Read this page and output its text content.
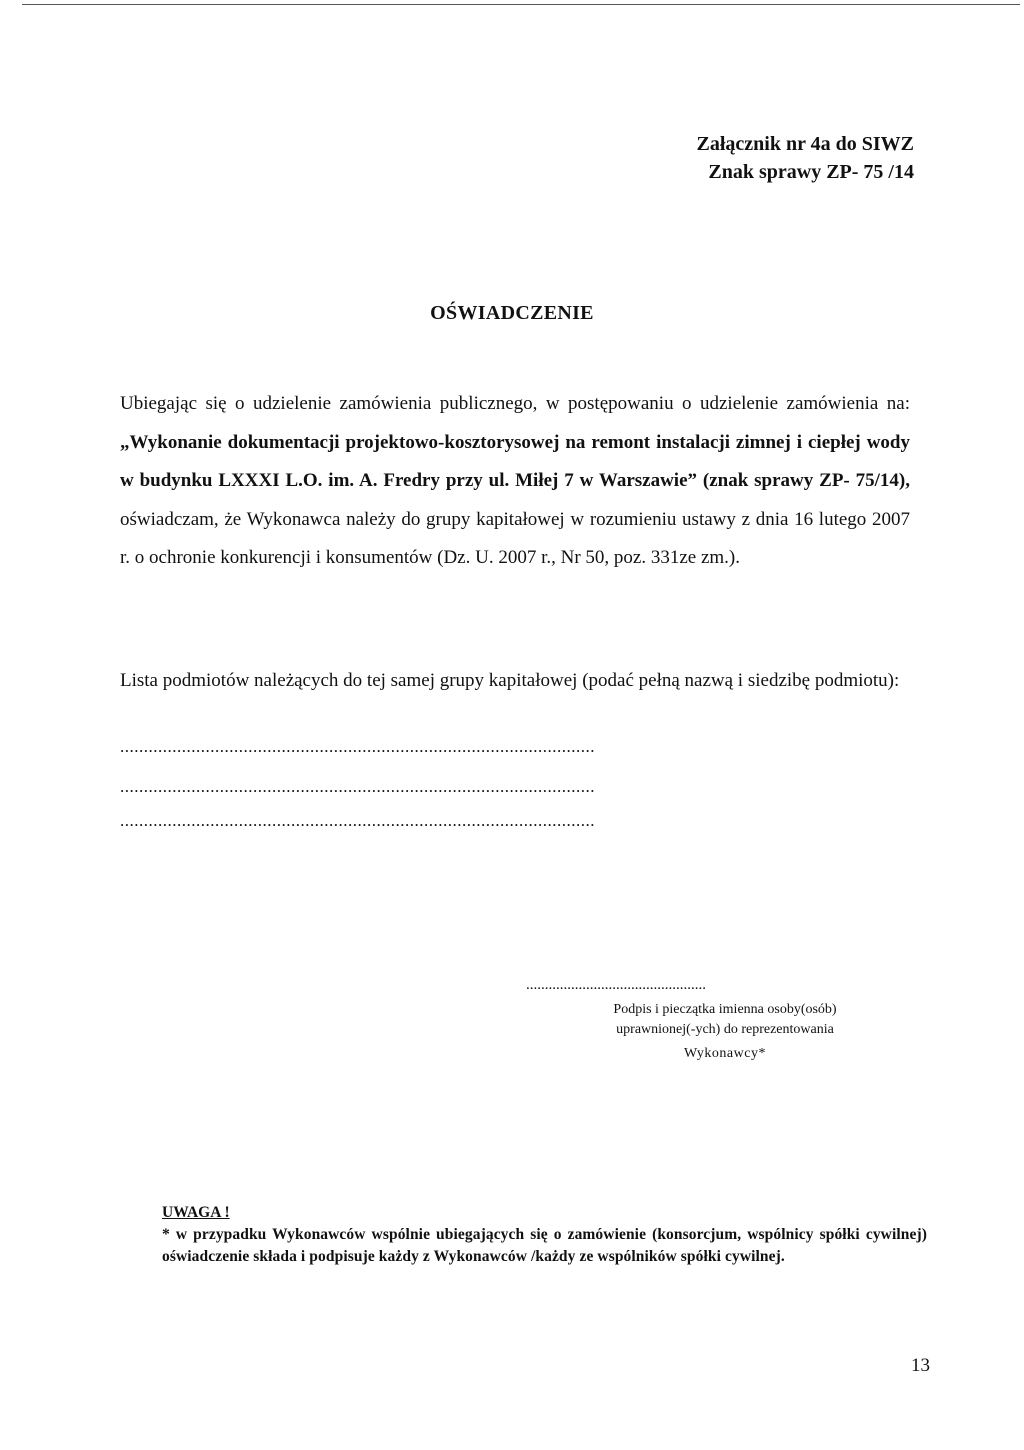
Załącznik nr 4a do SIWZ
Znak sprawy ZP- 75 /14
OŚWIADCZENIE
Ubiegając się o udzielenie zamówienia publicznego, w postępowaniu o udzielenie zamówienia na: „Wykonanie dokumentacji projektowo-kosztorysowej na remont instalacji zimnej i ciepłej wody w budynku LXXXI L.O. im. A. Fredry przy ul. Miłej 7 w Warszawie” (znak sprawy ZP- 75/14), oświadczam, że Wykonawca należy do grupy kapitałowej w rozumieniu ustawy z dnia 16 lutego 2007 r. o ochronie konkurencji i konsumentów (Dz. U. 2007 r., Nr 50, poz. 331ze zm.).
Lista podmiotów należących do tej samej grupy kapitałowej (podać pełną nazwą i siedzibę podmiotu):
....................................................................................................
....................................................................................................
....................................................................................................
................................................
Podpis i pieczątka imienna osoby(osób)
uprawnionej(-ych) do reprezentowania
Wykonawcy*
UWAGA !
* w przypadku Wykonawców wspólnie ubiegających się o zamówienie (konsorcjum, wspólnicy spółki cywilnej) oświadczenie składa i podpisuje każdy z Wykonawców /każdy ze wspólników spółki cywilnej.
13
